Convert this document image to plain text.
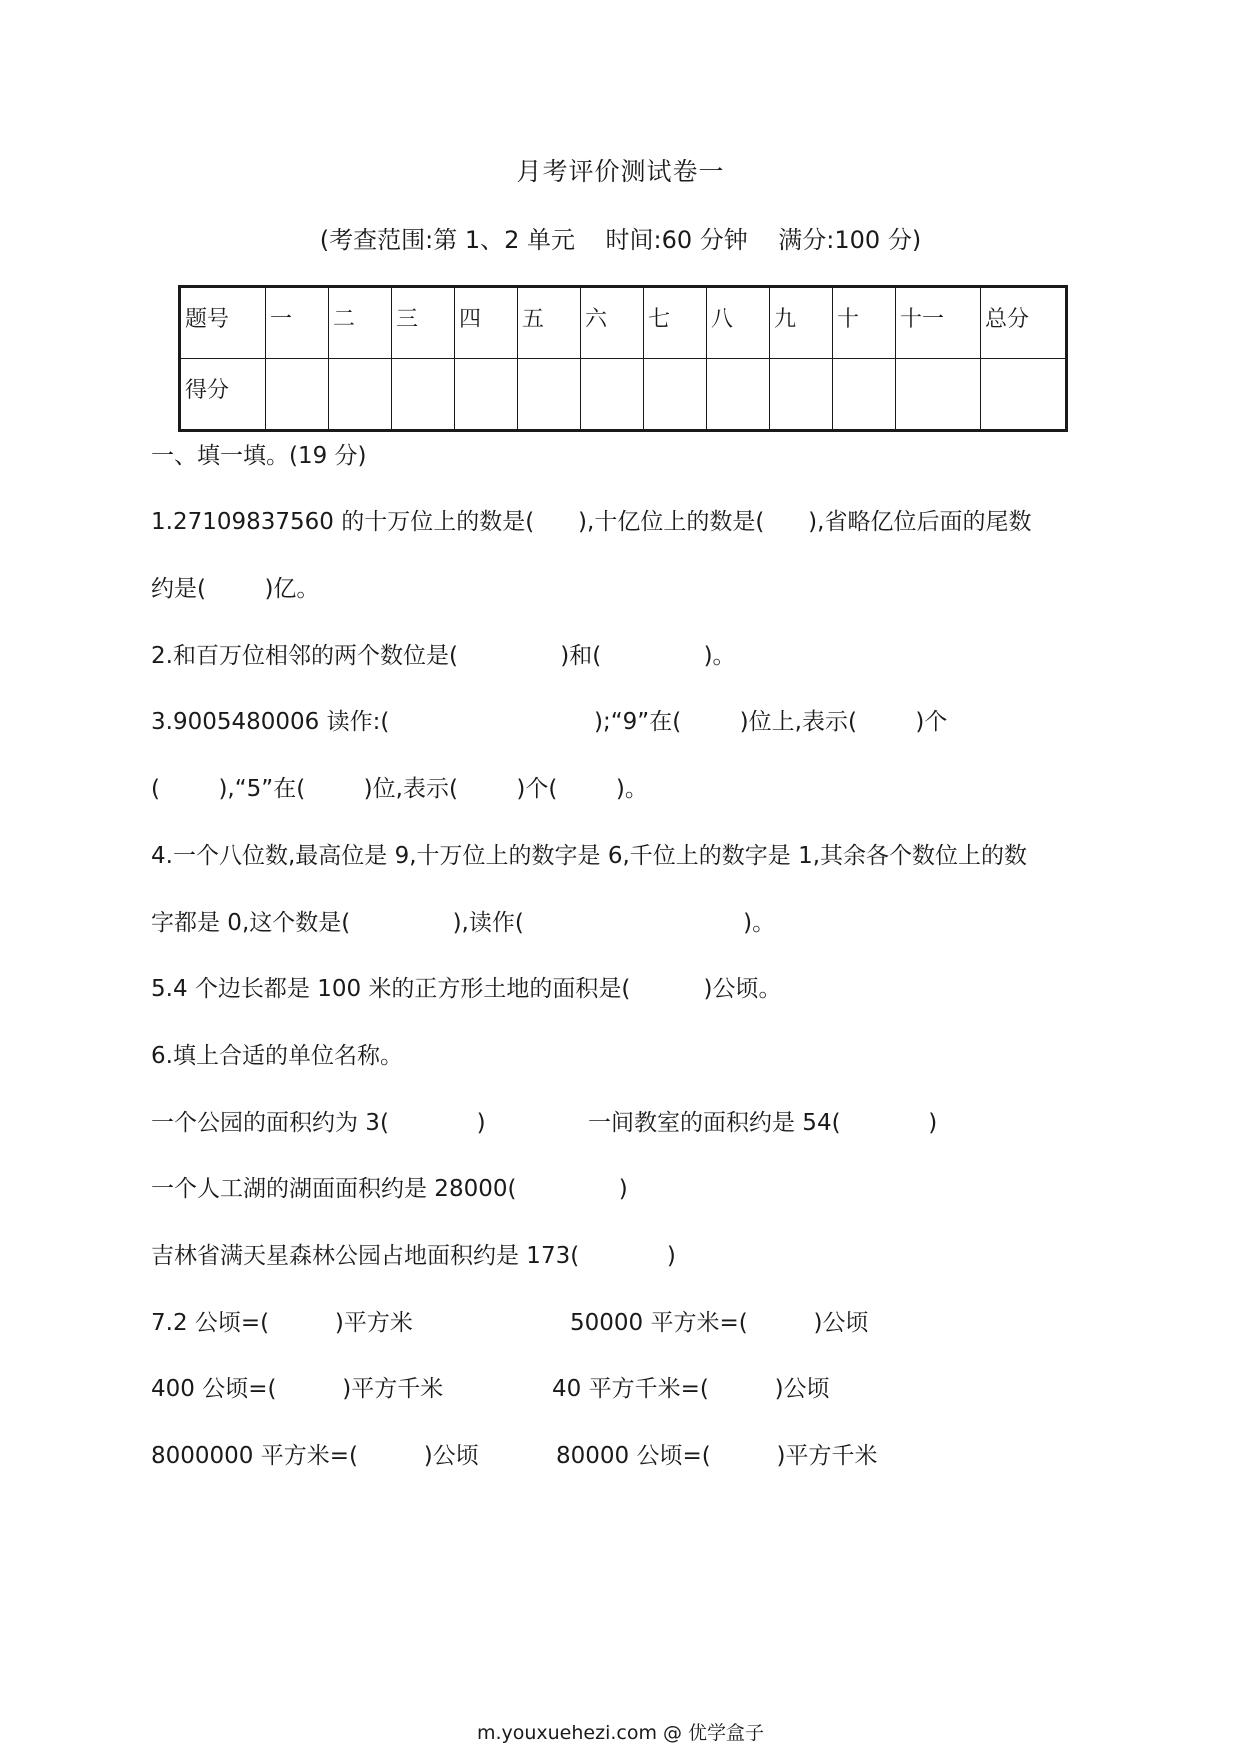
月考评价测试卷一
(考查范围:第 1、2 单元    时间:60 分钟    满分:100 分)
题号	一	二	三	四	五	六	七	八	九	十	十一	总分
得分												
一、填一填。(19 分)
1.27109837560 的十万位上的数是(      ),十亿位上的数是(      ),省略亿位后面的尾数
约是(        )亿。
2.和百万位相邻的两个数位是(              )和(              )。
3.9005480006 读作:(                            );“9”在(        )位上,表示(        )个
(        ),“5”在(        )位,表示(        )个(        )。
4.一个八位数,最高位是 9,十万位上的数字是 6,千位上的数字是 1,其余各个数位上的数
字都是 0,这个数是(              ),读作(                              )。
5.4 个边长都是 100 米的正方形土地的面积是(          )公顷。
6.填上合适的单位名称。
一个公园的面积约为 3(            )	一间教室的面积约是 54(            )
一个人工湖的湖面面积约是 28000(              )
吉林省满天星森林公园占地面积约是 173(            )
7.2 公顷=(         )平方米	50000 平方米=(         )公顷
400 公顷=(         )平方千米	40 平方千米=(         )公顷
8000000 平方米=(         )公顷	80000 公顷=(         )平方千米
m.youxuehezi.com @ 优学盒子
